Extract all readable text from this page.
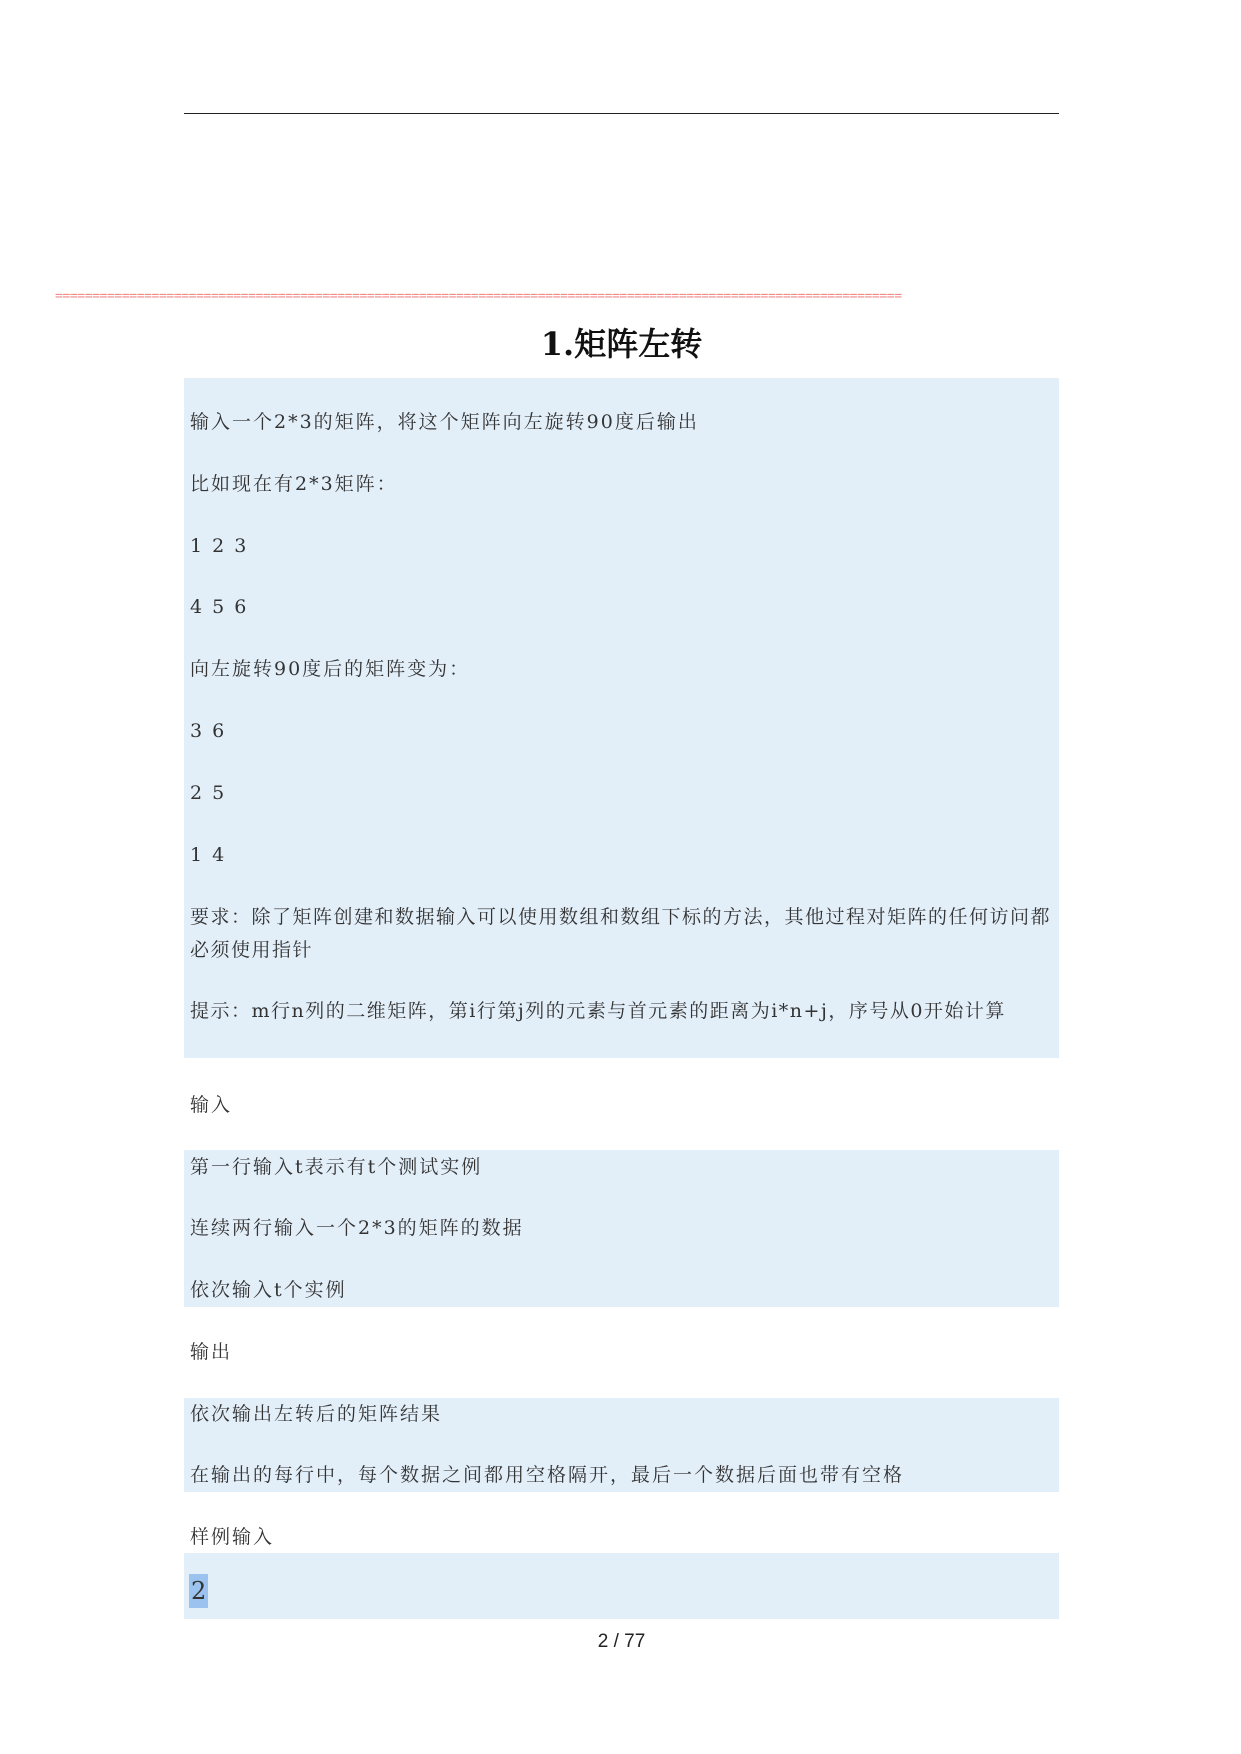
==================================================================================================================
1.矩阵左转
输入一个2*3的矩阵，将这个矩阵向左旋转90度后输出
比如现在有2*3矩阵：
1 2 3
4 5 6
向左旋转90度后的矩阵变为：
3 6
2 5
1 4
要求：除了矩阵创建和数据输入可以使用数组和数组下标的方法，其他过程对矩阵的任何访问都必须使用指针
提示：m行n列的二维矩阵，第i行第j列的元素与首元素的距离为i*n+j，序号从0开始计算
输入
第一行输入t表示有t个测试实例
连续两行输入一个2*3的矩阵的数据
依次输入t个实例
输出
依次输出左转后的矩阵结果
在输出的每行中，每个数据之间都用空格隔开，最后一个数据后面也带有空格
样例输入
2
2 / 77
